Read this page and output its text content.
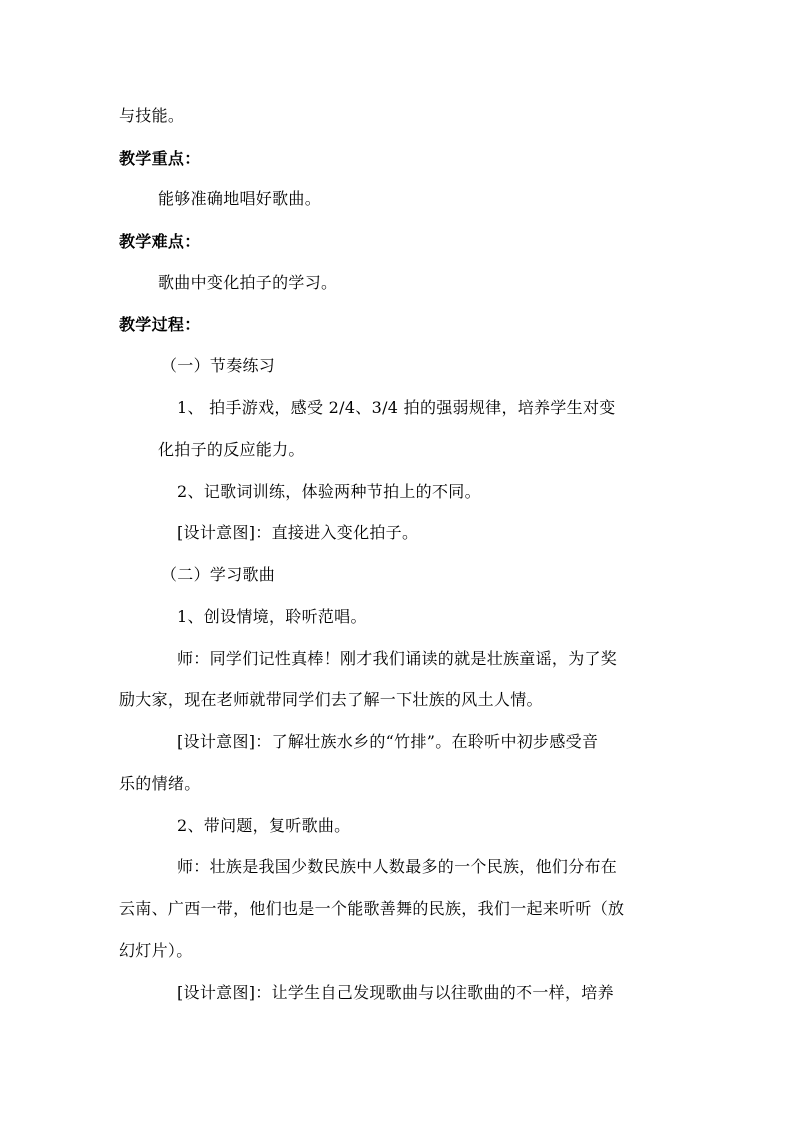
与技能。
教学重点：
能够准确地唱好歌曲。
教学难点：
歌曲中变化拍子的学习。
教学过程：
（一）节奏练习
1、 拍手游戏，感受 2/4、3/4 拍的强弱规律，培养学生对变
化拍子的反应能力。
2、记歌词训练，体验两种节拍上的不同。
[设计意图]：直接进入变化拍子。
（二）学习歌曲
1、创设情境，聆听范唱。
师：同学们记性真棒！刚才我们诵读的就是壮族童谣，为了奖
励大家，现在老师就带同学们去了解一下壮族的风土人情。
[设计意图]：了解壮族水乡的“竹排”。在聆听中初步感受音
乐的情绪。
2、带问题，复听歌曲。
师：壮族是我国少数民族中人数最多的一个民族，他们分布在
云南、广西一带，他们也是一个能歌善舞的民族，我们一起来听听（放
幻灯片）。
[设计意图]：让学生自己发现歌曲与以往歌曲的不一样，培养
